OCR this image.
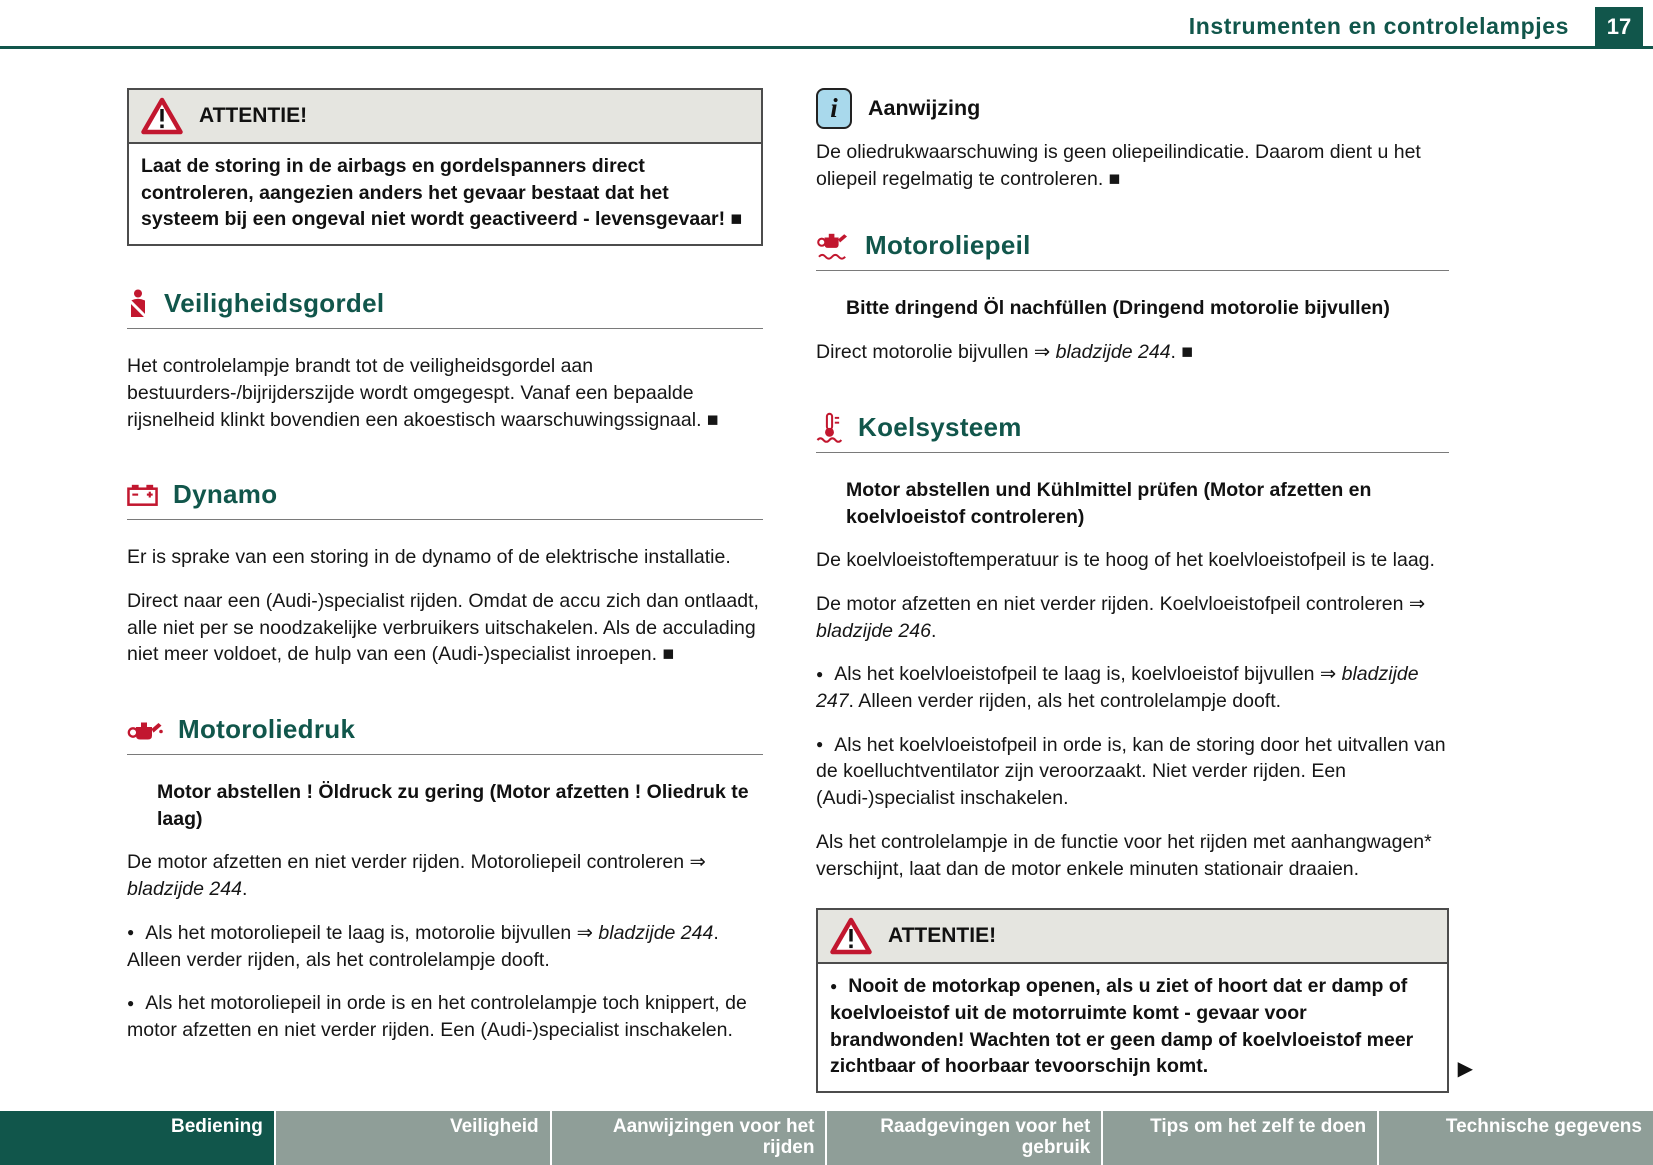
Instrumenten en controlelampjes	17
ATTENTIE!
Laat de storing in de airbags en gordelspanners direct controleren, aangezien anders het gevaar bestaat dat het systeem bij een ongeval niet wordt geactiveerd - levensgevaar! ■
Veiligheidsgordel

Het controlelampje brandt tot de veiligheidsgordel aan bestuurders-/bijrijderszijde wordt omgegespt. Vanaf een bepaalde rijsnelheid klinkt bovendien een akoestisch waarschuwingssignaal. ■

Dynamo

Er is sprake van een storing in de dynamo of de elektrische installatie.

Direct naar een (Audi-)specialist rijden. Omdat de accu zich dan ontlaadt, alle niet per se noodzakelijke verbruikers uitschakelen. Als de acculading niet meer voldoet, de hulp van een (Audi-)specialist inroepen. ■

Motoroliedruk

Motor abstellen ! Öldruck zu gering (Motor afzetten ! Oliedruk te laag)

De motor afzetten en niet verder rijden. Motoroliepeil controleren ⇒ bladzijde 244.

● Als het motoroliepeil te laag is, motorolie bijvullen ⇒ bladzijde 244. Alleen verder rijden, als het controlelampje dooft.

● Als het motoroliepeil in orde is en het controlelampje toch knippert, de motor afzetten en niet verder rijden. Een (Audi-)specialist inschakelen.

i Aanwijzing

De oliedrukwaarschuwing is geen oliepeilindicatie. Daarom dient u het oliepeil regelmatig te controleren. ■

Motoroliepeil

Bitte dringend Öl nachfüllen (Dringend motorolie bijvullen)

Direct motorolie bijvullen ⇒ bladzijde 244. ■

Koelsysteem

Motor abstellen und Kühlmittel prüfen (Motor afzetten en koelvloeistof controleren)

De koelvloeistoftemperatuur is te hoog of het koelvloeistofpeil is te laag.

De motor afzetten en niet verder rijden. Koelvloeistofpeil controleren ⇒ bladzijde 246.

● Als het koelvloeistofpeil te laag is, koelvloeistof bijvullen ⇒ bladzijde 247. Alleen verder rijden, als het controlelampje dooft.

● Als het koelvloeistofpeil in orde is, kan de storing door het uitvallen van de koelluchtventilator zijn veroorzaakt. Niet verder rijden. Een (Audi-)specialist inschakelen.

Als het controlelampje in de functie voor het rijden met aanhangwagen* verschijnt, laat dan de motor enkele minuten stationair draaien.

ATTENTIE!
● Nooit de motorkap openen, als u ziet of hoort dat er damp of koelvloeistof uit de motorruimte komt - gevaar voor brandwonden! Wachten tot er geen damp of koelvloeistof meer zichtbaar of hoorbaar tevoorschijn komt.	▶
Bediening	Veiligheid	Aanwijzingen voor het rijden
Raadgevingen voor het gebruik
Tips om het zelf te doen	Technische gegevens
